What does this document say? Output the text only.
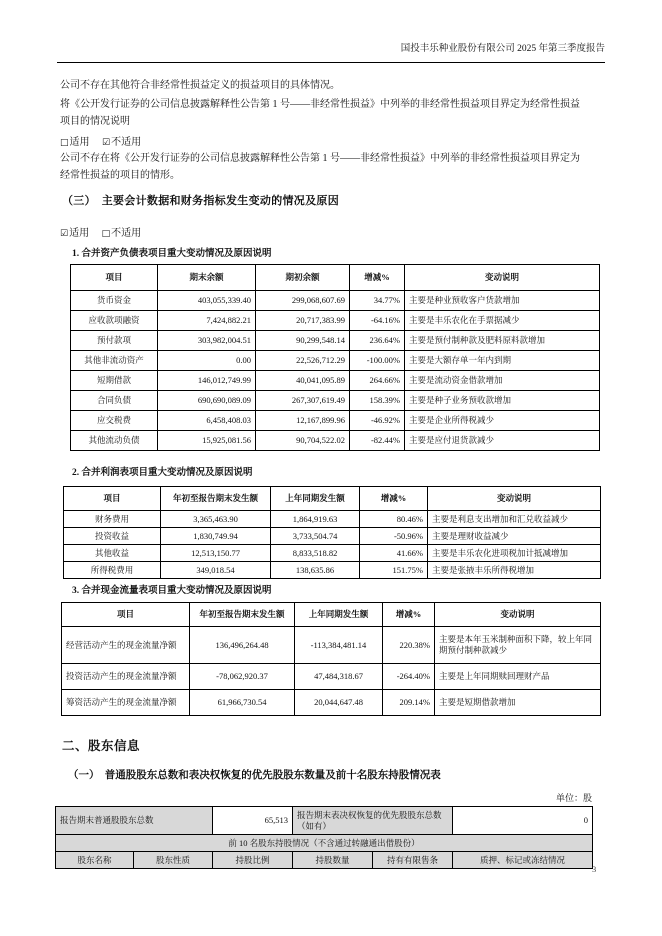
国投丰乐种业股份有限公司 2025 年第三季度报告
公司不存在其他符合非经常性损益定义的损益项目的具体情况。
将《公开发行证券的公司信息披露解释性公告第 1 号——非经常性损益》中列举的非经常性损益项目界定为经常性损益
项目的情况说明
□适用 ☑不适用
公司不存在将《公开发行证券的公司信息披露解释性公告第 1 号——非经常性损益》中列举的非经常性损益项目界定为
经常性损益的项目的情形。
（三）　主要会计数据和财务指标发生变动的情况及原因
☑适用 □不适用
1. 合并资产负债表项目重大变动情况及原因说明
项目	期末余额	期初余额	增减%	变动说明
货币资金	403,055,339.40	299,068,607.69	34.77%	主要是种业预收客户货款增加
应收款项融资	7,424,882.21	20,717,383.99	-64.16%	主要是丰乐农化在手票据减少
预付款项	303,982,004.51	90,299,548.14	236.64%	主要是预付制种款及肥料原料款增加
其他非流动资产	0.00	22,526,712.29	-100.00%	主要是大额存单一年内到期
短期借款	146,012,749.99	40,041,095.89	264.66%	主要是流动资金借款增加
合同负债	690,690,089.09	267,307,619.49	158.39%	主要是种子业务预收款增加
应交税费	6,458,408.03	12,167,899.96	-46.92%	主要是企业所得税减少
其他流动负债	15,925,081.56	90,704,522.02	-82.44%	主要是应付退货款减少
2. 合并利润表项目重大变动情况及原因说明
项目	年初至报告期末发生额	上年同期发生额	增减%	变动说明
财务费用	3,365,463.90	1,864,919.63	80.46%	主要是利息支出增加和汇兑收益减少
投资收益	1,830,749.94	3,733,504.74	-50.96%	主要是理财收益减少
其他收益	12,513,150.77	8,833,518.82	41.66%	主要是丰乐农化进项税加计抵减增加
所得税费用	349,018.54	138,635.86	151.75%	主要是张掖丰乐所得税增加
3. 合并现金流量表项目重大变动情况及原因说明
项目	年初至报告期末发生额	上年同期发生额	增减%	变动说明
经营活动产生的现金流量净额	136,496,264.48	-113,384,481.14	220.38%	主要是本年玉米制种面积下降，较上年同期预付制种款减少
投资活动产生的现金流量净额	-78,062,920.37	47,484,318.67	-264.40%	主要是上年同期赎回理财产品
筹资活动产生的现金流量净额	61,966,730.54	20,044,647.48	209.14%	主要是短期借款增加
二、股东信息
（一）　普通股股东总数和表决权恢复的优先股股东数量及前十名股东持股情况表
单位：股
报告期末普通股股东总数		65,513	报告期末表决权恢复的优先股股东总数（如有）		0
前 10 名股东持股情况（不含通过转融通出借股份）					
股东名称	股东性质	持股比例	持股数量	持有有限售条	质押、标记或冻结情况
3
